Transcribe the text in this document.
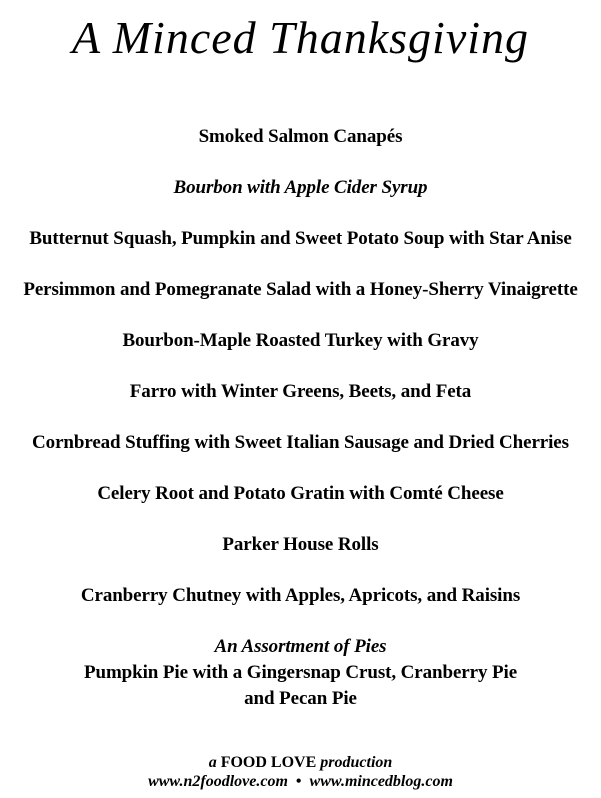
A Minced Thanksgiving

Smoked Salmon Canapés

Bourbon with Apple Cider Syrup

Butternut Squash, Pumpkin and Sweet Potato Soup with Star Anise

Persimmon and Pomegranate Salad with a Honey-Sherry Vinaigrette

Bourbon-Maple Roasted Turkey with Gravy

Farro with Winter Greens, Beets, and Feta

Cornbread Stuffing with Sweet Italian Sausage and Dried Cherries

Celery Root and Potato Gratin with Comté Cheese

Parker House Rolls

Cranberry Chutney with Apples, Apricots, and Raisins

An Assortment of Pies

Pumpkin Pie with a Gingersnap Crust, Cranberry Pie

and Pecan Pie

a FOOD LOVE production

www.n2foodlove.com • www.mincedblog.com
